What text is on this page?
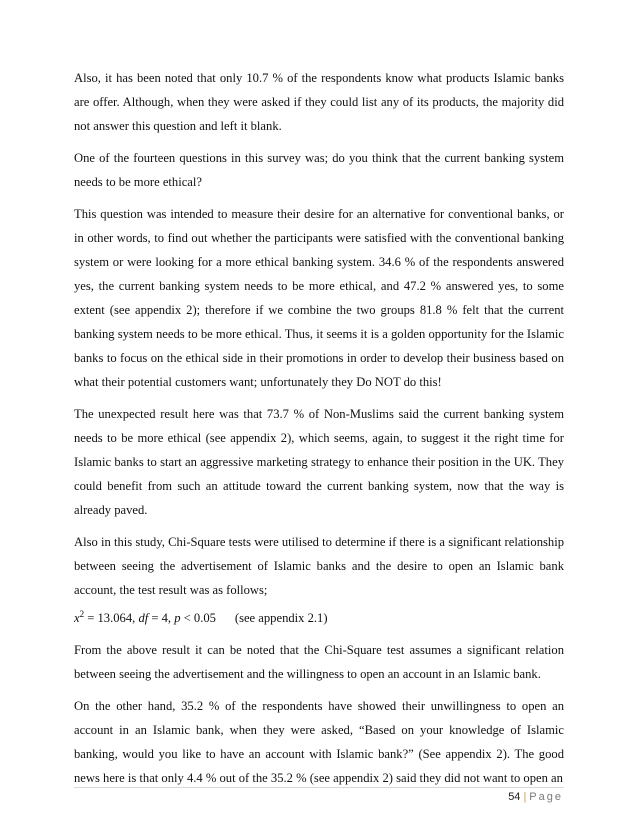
Also, it has been noted that only 10.7 % of the respondents know what products Islamic banks are offer. Although, when they were asked if they could list any of its products, the majority did not answer this question and left it blank.

One of the fourteen questions in this survey was; do you think that the current banking system needs to be more ethical?

This question was intended to measure their desire for an alternative for conventional banks, or in other words, to find out whether the participants were satisfied with the conventional banking system or were looking for a more ethical banking system. 34.6 % of the respondents answered yes, the current banking system needs to be more ethical, and 47.2 % answered yes, to some extent (see appendix 2); therefore if we combine the two groups 81.8 % felt that the current banking system needs to be more ethical. Thus, it seems it is a golden opportunity for the Islamic banks to focus on the ethical side in their promotions in order to develop their business based on what their potential customers want; unfortunately they Do NOT do this!

The unexpected result here was that 73.7 % of Non-Muslims said the current banking system needs to be more ethical (see appendix 2), which seems, again, to suggest it the right time for Islamic banks to start an aggressive marketing strategy to enhance their position in the UK. They could benefit from such an attitude toward the current banking system, now that the way is already paved.

Also in this study, Chi-Square tests were utilised to determine if there is a significant relationship between seeing the advertisement of Islamic banks and the desire to open an Islamic bank account, the test result was as follows;

$x^2 = 13.064$, df = 4, p < 0.05 (see appendix 2.1)

From the above result it can be noted that the Chi-Square test assumes a significant relation between seeing the advertisement and the willingness to open an account in an Islamic bank.

On the other hand, 35.2 % of the respondents have showed their unwillingness to open an account in an Islamic bank, when they were asked, “Based on your knowledge of Islamic banking, would you like to have an account with Islamic bank?” (See appendix 2). The good news here is that only 4.4 % out of the 35.2 % (see appendix 2) said they did not want to open an

54 | Page
